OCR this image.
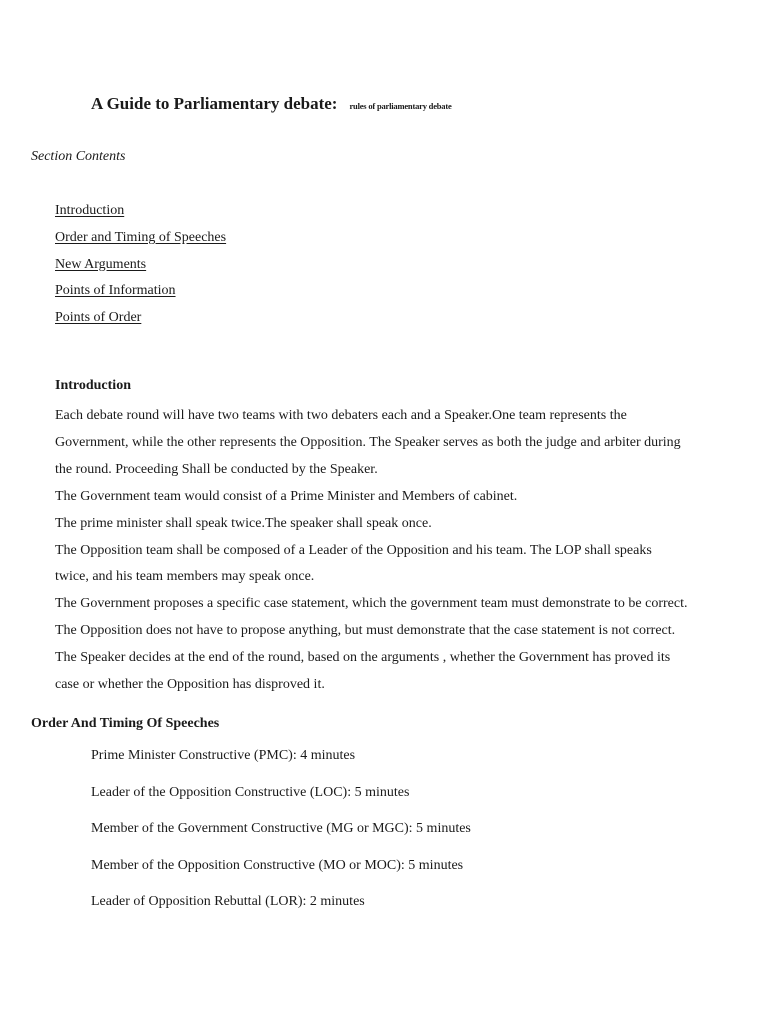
A Guide to Parliamentary debate: rules of parliamentary debate
Section Contents
Introduction
Order and Timing of Speeches
New Arguments
Points of Information
Points of Order
Introduction

Each debate round will have two teams with two debaters each and a Speaker.One team represents the

Government, while the other represents the Opposition. The Speaker serves as both the judge and arbiter during

the round. Proceeding Shall be conducted by the Speaker.

The Government team would consist of a Prime Minister and Members of cabinet.

The prime minister shall speak twice.The speaker shall speak once.

The Opposition team shall be composed of a Leader of the Opposition and his team. The LOP shall speaks

twice, and his team members may speak once.

The Government proposes a specific case statement, which the government team must demonstrate to be correct.

The Opposition does not have to propose anything, but must demonstrate that the case statement is not correct.

The Speaker decides at the end of the round, based on the arguments , whether the Government has proved its

case or whether the Opposition has disproved it.

Order And Timing Of Speeches
Prime Minister Constructive (PMC): 4 minutes
Leader of the Opposition Constructive (LOC): 5 minutes
Member of the Government Constructive (MG or MGC): 5 minutes
Member of the Opposition Constructive (MO or MOC): 5 minutes
Leader of Opposition Rebuttal (LOR): 2 minutes
